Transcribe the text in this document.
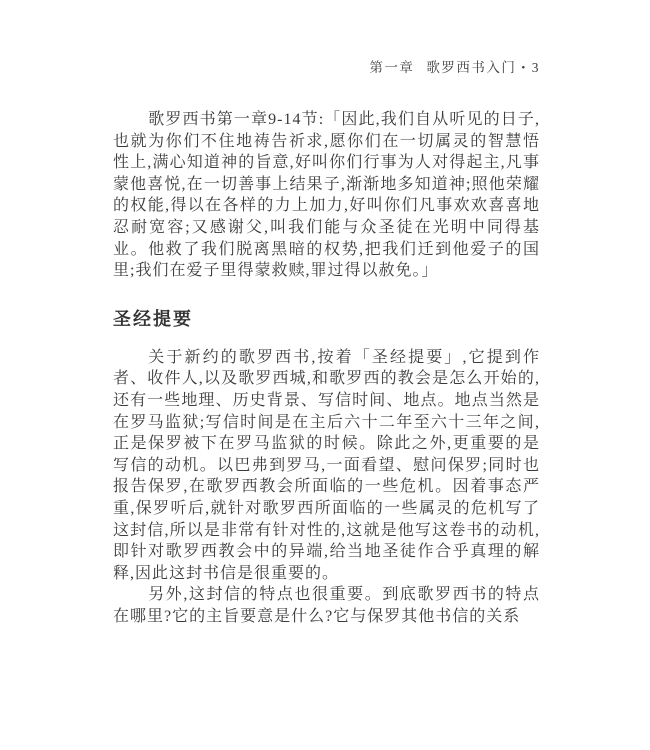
第一章 歌罗西书入门 • 3

歌罗西书第一章9-14节:「因此,我们自从听见的日子,也就为你们不住地祷告祈求,愿你们在一切属灵的智慧悟性上,满心知道神的旨意,好叫你们行事为人对得起主,凡事蒙他喜悦,在一切善事上结果子,渐渐地多知道神;照他荣耀的权能,得以在各样的力上加力,好叫你们凡事欢欢喜喜地忍耐宽容;又感谢父,叫我们能与众圣徒在光明中同得基业。他救了我们脱离黑暗的权势,把我们迁到他爱子的国里;我们在爱子里得蒙救赎,罪过得以赦免。」

圣经提要

关于新约的歌罗西书,按着「圣经提要」,它提到作者、收件人,以及歌罗西城,和歌罗西的教会是怎么开始的,还有一些地理、历史背景、写信时间、地点。地点当然是在罗马监狱;写信时间是在主后六十二年至六十三年之间,正是保罗被下在罗马监狱的时候。除此之外,更重要的是写信的动机。以巴弗到罗马,一面看望、慰问保罗;同时也报告保罗,在歌罗西教会所面临的一些危机。因着事态严重,保罗听后,就针对歌罗西所面临的一些属灵的危机写了这封信,所以是非常有针对性的,这就是他写这卷书的动机,即针对歌罗西教会中的异端,给当地圣徒作合乎真理的解释,因此这封书信是很重要的。

另外,这封信的特点也很重要。到底歌罗西书的特点在哪里?它的主旨要意是什么?它与保罗其他书信的关系
